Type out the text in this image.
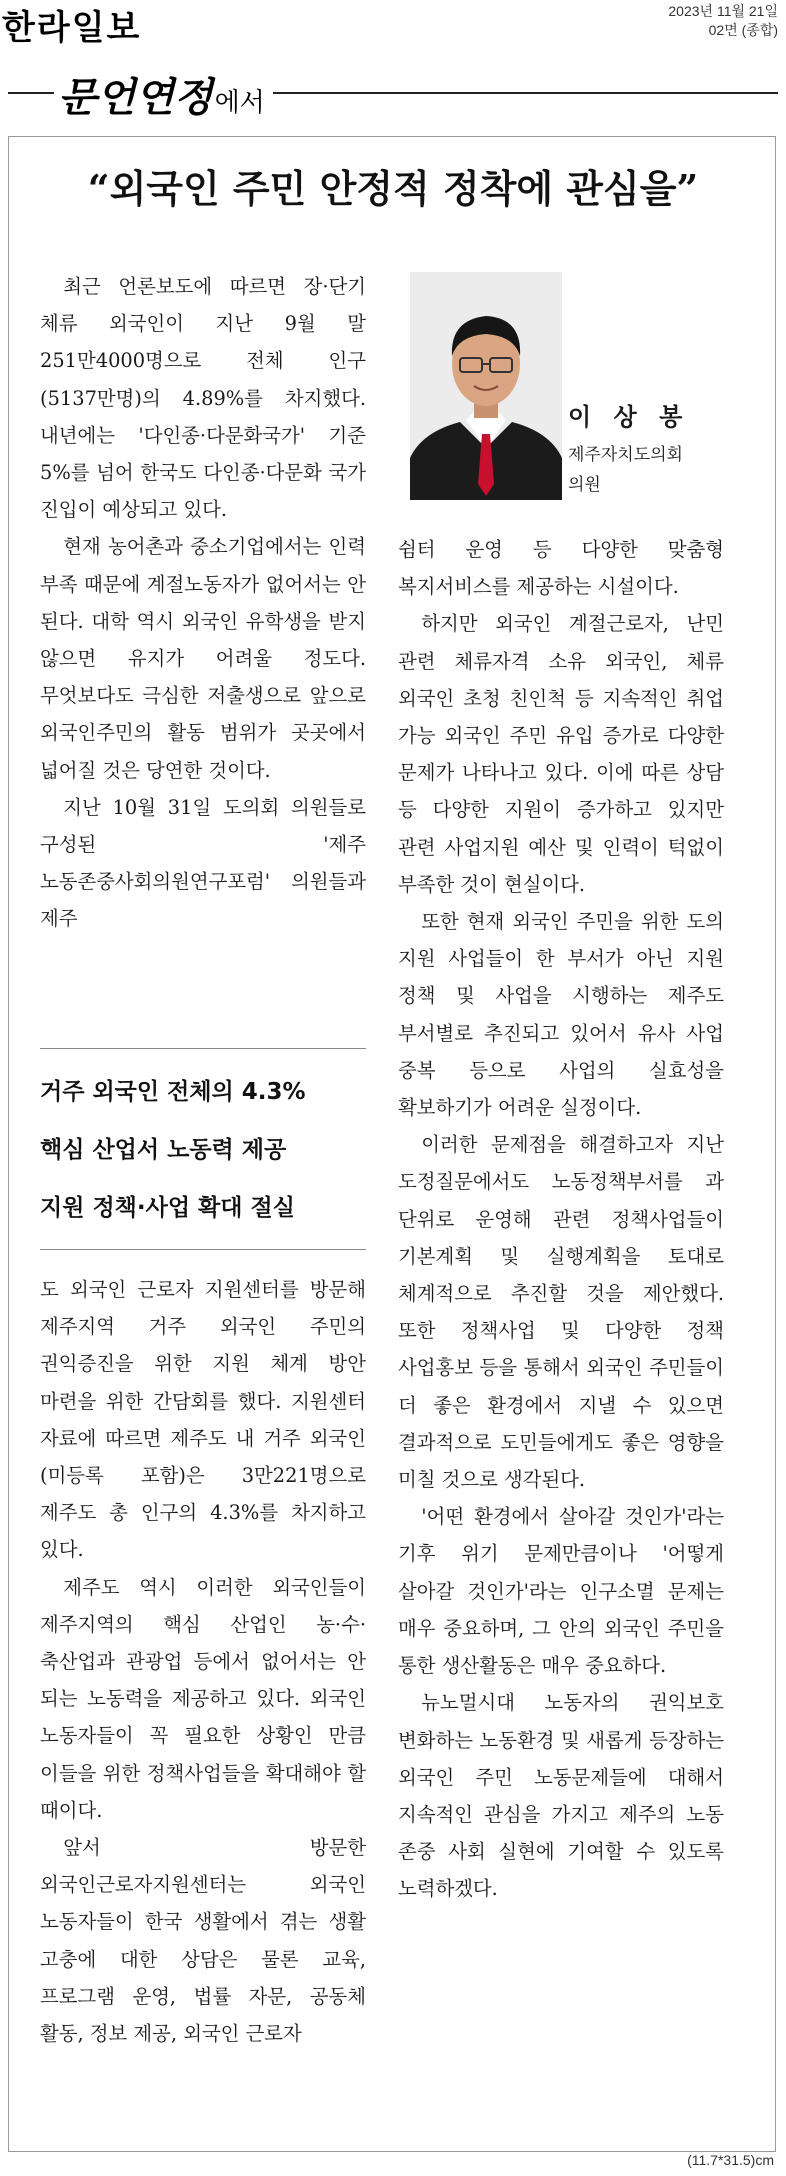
한라일보	2023년 11월 21일
02면 (종합)
문언연정에서
“외국인 주민 안정적 정착에 관심을”

최근 언론보도에 따르면 장·단기 체류 외국인이 지난 9월 말 251만4000명으로 전체 인구(5137만명)의 4.89%를 차지했다. 내년에는 '다인종·다문화국가' 기준 5%를 넘어 한국도 다인종·다문화 국가 진입이 예상되고 있다.

현재 농어촌과 중소기업에서는 인력 부족 때문에 계절노동자가 없어서는 안 된다. 대학 역시 외국인 유학생을 받지 않으면 유지가 어려울 정도다. 무엇보다도 극심한 저출생으로 앞으로 외국인주민의 활동 범위가 곳곳에서 넓어질 것은 당연한 것이다.

지난 10월 31일 도의회 의원들로 구성된 '제주 노동존중사회의원연구포럼' 의원들과 제주

거주 외국인 전체의 4.3%
핵심 산업서 노동력 제공
지원 정책·사업 확대 절실

도 외국인 근로자 지원센터를 방문해 제주지역 거주 외국인 주민의 권익증진을 위한 지원 체계 방안 마련을 위한 간담회를 했다. 지원센터 자료에 따르면 제주도 내 거주 외국인(미등록 포함)은 3만221명으로 제주도 총 인구의 4.3%를 차지하고 있다.

제주도 역시 이러한 외국인들이 제주지역의 핵심 산업인 농·수·축산업과 관광업 등에서 없어서는 안 되는 노동력을 제공하고 있다. 외국인 노동자들이 꼭 필요한 상황인 만큼 이들을 위한 정책사업들을 확대해야 할 때이다.

앞서 방문한 외국인근로자지원센터는 외국인 노동자들이 한국 생활에서 겪는 생활 고충에 대한 상담은 물론 교육, 프로그램 운영, 법률 자문, 공동체 활동, 정보 제공, 외국인 근로자

이 상 봉
제주자치도의회
의원

쉼터 운영 등 다양한 맞춤형 복지서비스를 제공하는 시설이다.

하지만 외국인 계절근로자, 난민 관련 체류자격 소유 외국인, 체류 외국인 초청 친인척 등 지속적인 취업 가능 외국인 주민 유입 증가로 다양한 문제가 나타나고 있다. 이에 따른 상담 등 다양한 지원이 증가하고 있지만 관련 사업지원 예산 및 인력이 턱없이 부족한 것이 현실이다.

또한 현재 외국인 주민을 위한 도의 지원 사업들이 한 부서가 아닌 지원 정책 및 사업을 시행하는 제주도 부서별로 추진되고 있어서 유사 사업 중복 등으로 사업의 실효성을 확보하기가 어려운 실정이다.

이러한 문제점을 해결하고자 지난 도정질문에서도 노동정책부서를 과 단위로 운영해 관련 정책사업들이 기본계획 및 실행계획을 토대로 체계적으로 추진할 것을 제안했다. 또한 정책사업 및 다양한 정책 사업홍보 등을 통해서 외국인 주민들이 더 좋은 환경에서 지낼 수 있으면 결과적으로 도민들에게도 좋은 영향을 미칠 것으로 생각된다.

'어떤 환경에서 살아갈 것인가'라는 기후 위기 문제만큼이나 '어떻게 살아갈 것인가'라는 인구소멸 문제는 매우 중요하며, 그 안의 외국인 주민을 통한 생산활동은 매우 중요하다.

뉴노멀시대 노동자의 권익보호 변화하는 노동환경 및 새롭게 등장하는 외국인 주민 노동문제들에 대해서 지속적인 관심을 가지고 제주의 노동 존중 사회 실현에 기여할 수 있도록 노력하겠다.

(11.7*31.5)cm
